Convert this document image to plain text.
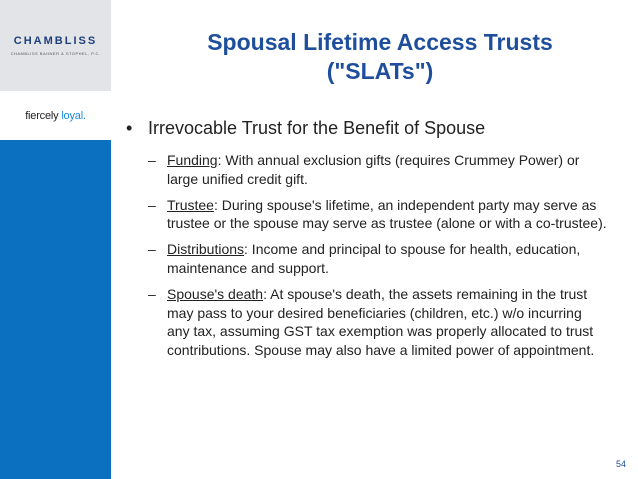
CHAMBLISS
CHAMBLISS BAHNER & STOPHEL, P.C.
fiercely loyal.
Spousal Lifetime Access Trusts
("SLATs")
• Irrevocable Trust for the Benefit of Spouse
– Funding: With annual exclusion gifts (requires Crummey Power) or large unified credit gift.
– Trustee: During spouse's lifetime, an independent party may serve as trustee or the spouse may serve as trustee (alone or with a co-trustee).
– Distributions: Income and principal to spouse for health, education, maintenance and support.
– Spouse's death: At spouse's death, the assets remaining in the trust may pass to your desired beneficiaries (children, etc.) w/o incurring any tax, assuming GST tax exemption was properly allocated to trust contributions. Spouse may also have a limited power of appointment.
54
